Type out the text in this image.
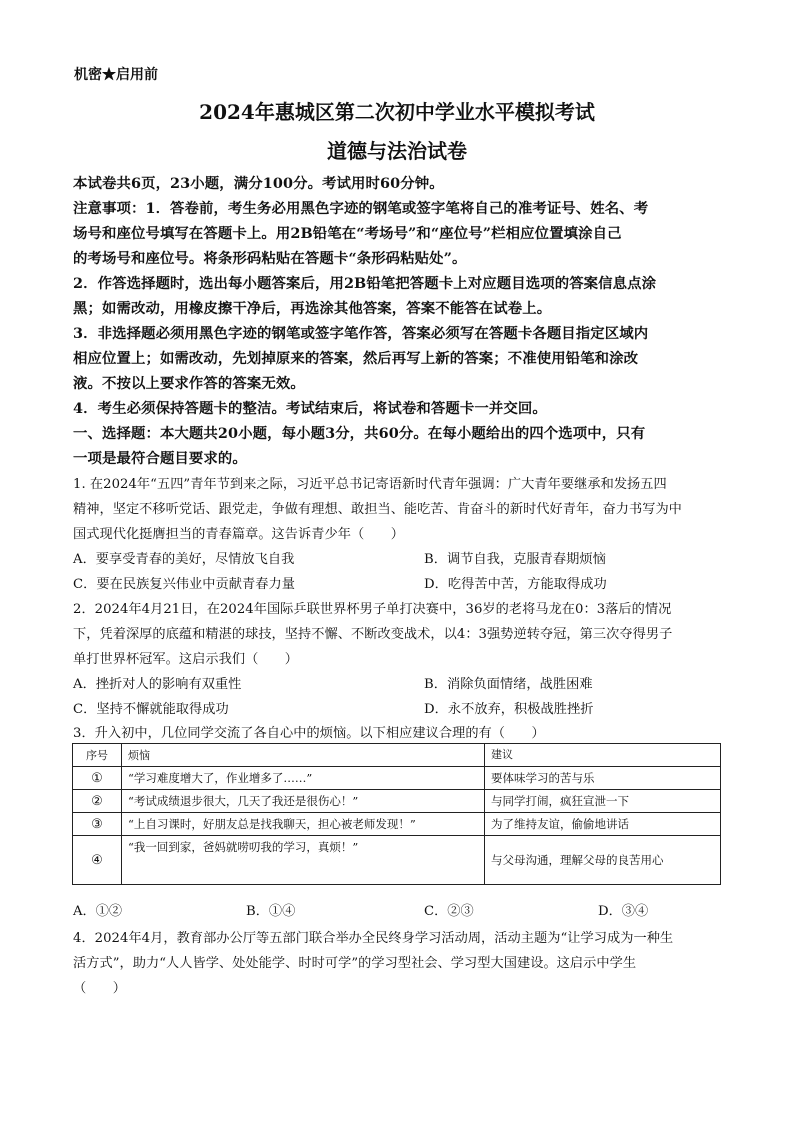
机密★启用前
2024年惠城区第二次初中学业水平模拟考试
道德与法治试卷
本试卷共6页，23小题，满分100分。考试用时60分钟。
注意事项：1．答卷前，考生务必用黑色字迹的钢笔或签字笔将自己的准考证号、姓名、考
场号和座位号填写在答题卡上。用2B铅笔在“考场号”和“座位号”栏相应位置填涂自己
的考场号和座位号。将条形码粘贴在答题卡“条形码粘贴处”。
2．作答选择题时，选出每小题答案后，用2B铅笔把答题卡上对应题目选项的答案信息点涂
黑；如需改动，用橡皮擦干净后，再选涂其他答案，答案不能答在试卷上。
3．非选择题必须用黑色字迹的钢笔或签字笔作答，答案必须写在答题卡各题目指定区域内
相应位置上；如需改动，先划掉原来的答案，然后再写上新的答案；不准使用铅笔和涂改
液。不按以上要求作答的答案无效。
4．考生必须保持答题卡的整洁。考试结束后，将试卷和答题卡一并交回。
一、选择题：本大题共20小题，每小题3分，共60分。在每小题给出的四个选项中，只有
一项是最符合题目要求的。
1. 在2024年“五四”青年节到来之际，习近平总书记寄语新时代青年强调：广大青年要继承和发扬五四
精神，坚定不移听党话、跟党走，争做有理想、敢担当、能吃苦、肯奋斗的新时代好青年，奋力书写为中
国式现代化挺膺担当的青春篇章。这告诉青少年（　　）
A．要享受青春的美好，尽情放飞自我	B．调节自我，克服青春期烦恼
C．要在民族复兴伟业中贡献青春力量	D．吃得苦中苦，方能取得成功
2．2024年4月21日，在2024年国际乒联世界杯男子单打决赛中，36岁的老将马龙在0：3落后的情况
下，凭着深厚的底蕴和精湛的球技，坚持不懈、不断改变战术，以4：3强势逆转夺冠，第三次夺得男子
单打世界杯冠军。这启示我们（　　）
A．挫折对人的影响有双重性	B．消除负面情绪，战胜困难
C．坚持不懈就能取得成功	D．永不放弃，积极战胜挫折
3．升入初中，几位同学交流了各自心中的烦恼。以下相应建议合理的有（　　）
序号	烦恼	建议
①	“学习难度增大了，作业增多了……”	要体味学习的苦与乐
②	“考试成绩退步很大，几天了我还是很伤心！”	与同学打闹，疯狂宣泄一下
③	“上自习课时，好朋友总是找我聊天，担心被老师发现！”	为了维持友谊，偷偷地讲话
④	“我一回到家，爸妈就唠叨我的学习，真烦！”	与父母沟通，理解父母的良苦用心
A．①②	B．①④	C．②③	D．③④
4．2024年4月，教育部办公厅等五部门联合举办全民终身学习活动周，活动主题为“让学习成为一种生
活方式”，助力“人人皆学、处处能学、时时可学”的学习型社会、学习型大国建设。这启示中学生
（　　）
